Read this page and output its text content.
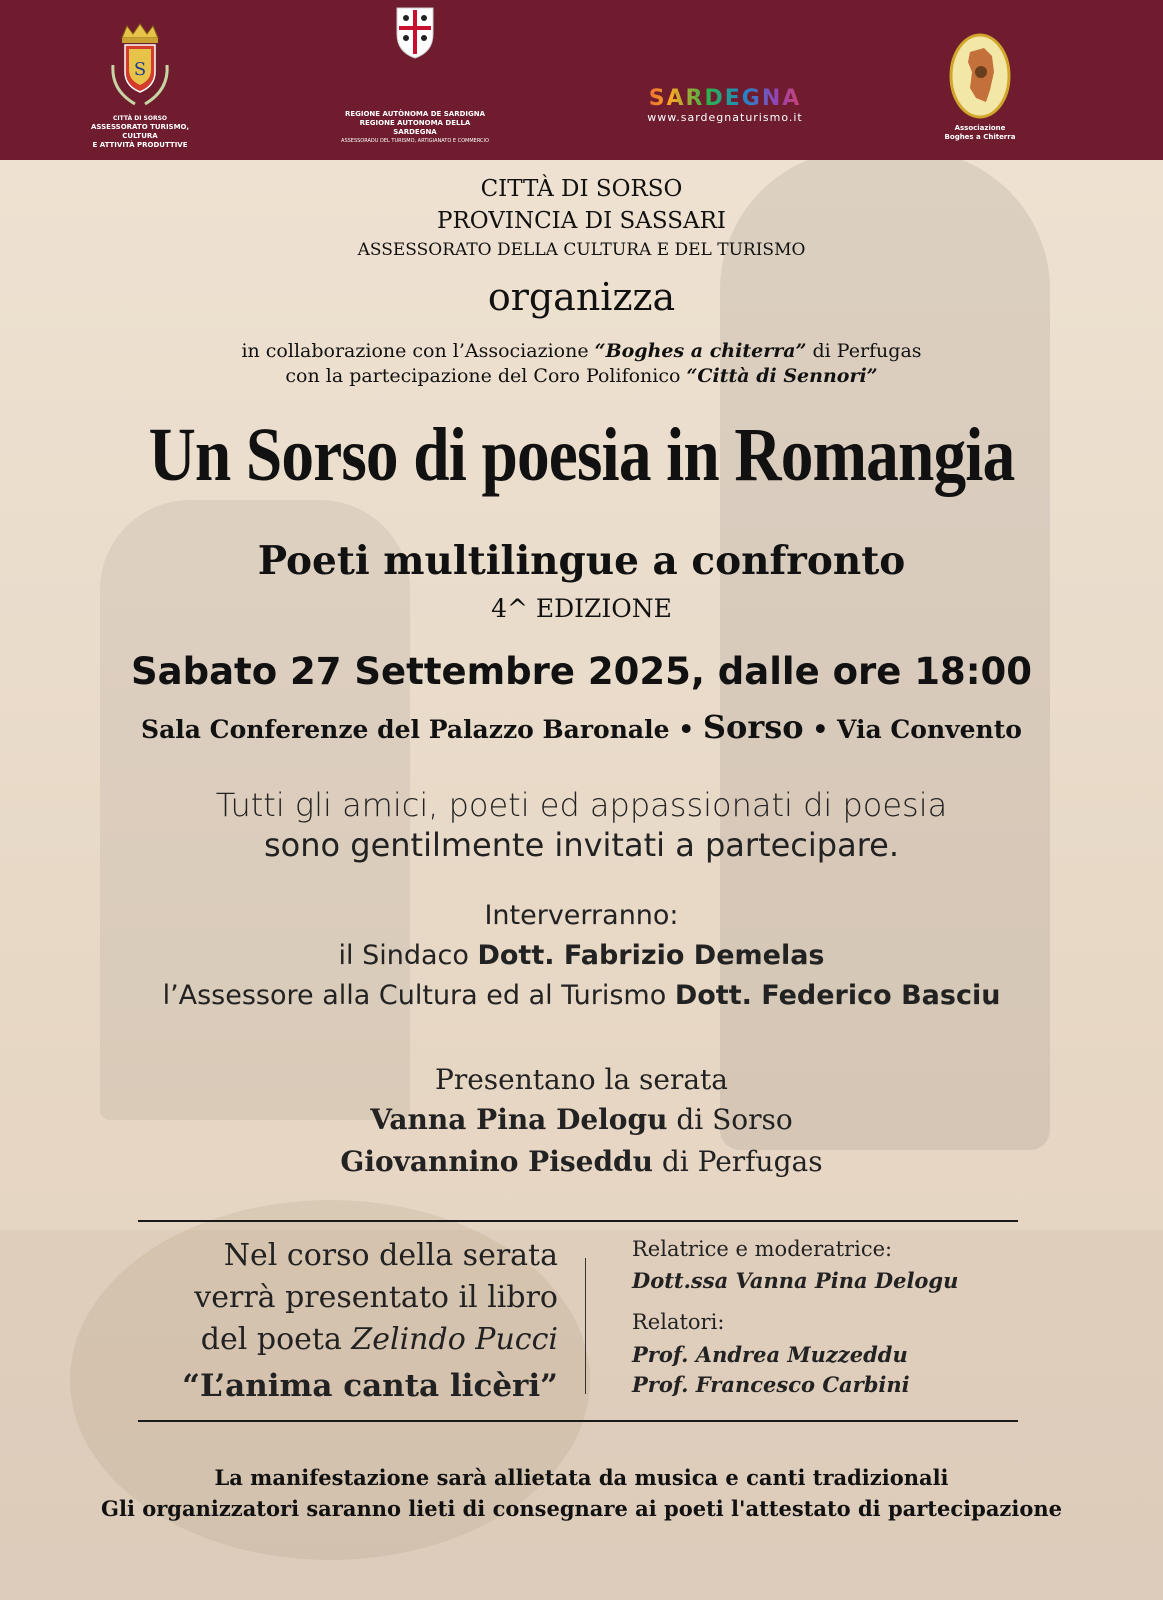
S
CITTÀ DI SORSO
ASSESSORATO TURISMO, CULTURA
E ATTIVITÀ PRODUTTIVE
REGIONE AUTÒNOMA DE SARDIGNA
REGIONE AUTONOMA DELLA SARDEGNA
ASSESSORADU DEL TURISMO, ARTIGIANATO E COMMERCIO
SARDEGNA
www.sardegnaturismo.it
Associazione
Boghes a Chiterra
CITTÀ DI SORSO
PROVINCIA DI SASSARI
ASSESSORATO DELLA CULTURA E DEL TURISMO
organizza
in collaborazione con l’Associazione “Boghes a chiterra” di Perfugas
con la partecipazione del Coro Polifonico “Città di Sennori”
Un Sorso di poesia in Romangia
Poeti multilingue a confronto
4^ EDIZIONE
Sabato 27 Settembre 2025, dalle ore 18:00
Sala Conferenze del Palazzo Baronale • Sorso • Via Convento
Tutti gli amici, poeti ed appassionati di poesia
sono gentilmente invitati a partecipare.
Interverranno:
il Sindaco Dott. Fabrizio Demelas
l’Assessore alla Cultura ed al Turismo Dott. Federico Basciu
Presentano la serata
Vanna Pina Delogu di Sorso
Giovannino Piseddu di Perfugas
Nel corso della serata
verrà presentato il libro
del poeta Zelindo Pucci
“L’anima canta licèri”
Relatrice e moderatrice:
Dott.ssa Vanna Pina Delogu
Relatori:
Prof. Andrea Muzzeddu
Prof. Francesco Carbini
La manifestazione sarà allietata da musica e canti tradizionali
Gli organizzatori saranno lieti di consegnare ai poeti l'attestato di partecipazione
